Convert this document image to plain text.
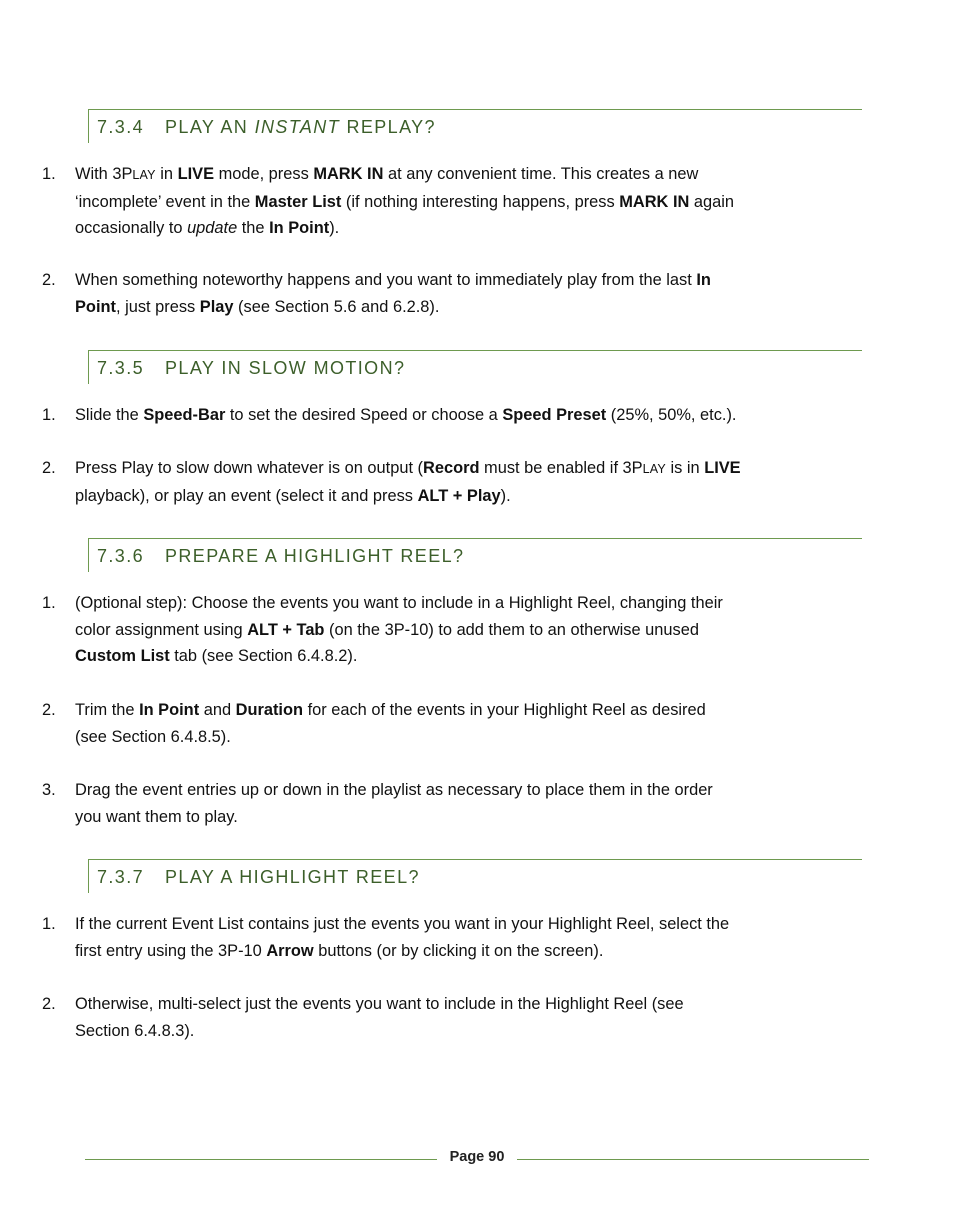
7.3.4 PLAY AN INSTANT REPLAY?
1.	With 3PLAY in LIVE mode, press MARK IN at any convenient time. This creates a new ‘incomplete’ event in the Master List (if nothing interesting happens, press MARK IN again occasionally to update the In Point).
2.	When something noteworthy happens and you want to immediately play from the last In Point, just press Play (see Section 5.6 and 6.2.8).
7.3.5 PLAY IN SLOW MOTION?
1.	Slide the Speed-Bar to set the desired Speed or choose a Speed Preset (25%, 50%, etc.).
2.	Press Play to slow down whatever is on output (Record must be enabled if 3PLAY is in LIVE playback), or play an event (select it and press ALT + Play).
7.3.6 PREPARE A HIGHLIGHT REEL?
1.	(Optional step): Choose the events you want to include in a Highlight Reel, changing their color assignment using ALT + Tab (on the 3P-10) to add them to an otherwise unused Custom List tab (see Section 6.4.8.2).
2.	Trim the In Point and Duration for each of the events in your Highlight Reel as desired (see Section 6.4.8.5).
3.	Drag the event entries up or down in the playlist as necessary to place them in the order you want them to play.
7.3.7 PLAY A HIGHLIGHT REEL?
1.	If the current Event List contains just the events you want in your Highlight Reel, select the first entry using the 3P-10 Arrow buttons (or by clicking it on the screen).
2.	Otherwise, multi-select just the events you want to include in the Highlight Reel (see Section 6.4.8.3).
Page 90
